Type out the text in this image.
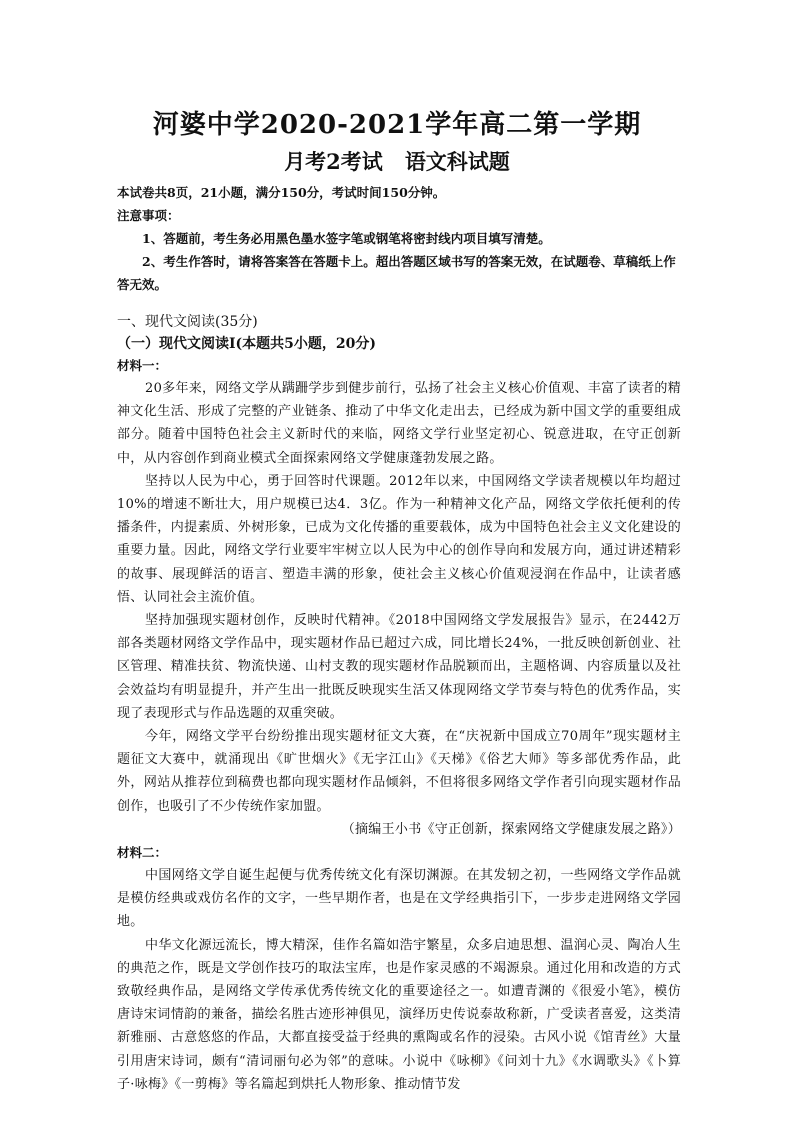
河婆中学2020-2021学年高二第一学期
月考2考试 语文科试题

本试卷共8页，21小题，满分150分，考试时间150分钟。

注意事项：

1、答题前，考生务必用黑色墨水签字笔或钢笔将密封线内项目填写清楚。

2、考生作答时，请将答案答在答题卡上。超出答题区域书写的答案无效，在试题卷、草稿纸上作答无效。

一、现代文阅读(35分)
（一）现代文阅读Ⅰ(本题共5小题，20分)
材料一：

20多年来，网络文学从蹒跚学步到健步前行，弘扬了社会主义核心价值观、丰富了读者的精神文化生活、形成了完整的产业链条、推动了中华文化走出去，已经成为新中国文学的重要组成部分。随着中国特色社会主义新时代的来临，网络文学行业坚定初心、锐意进取，在守正创新中，从内容创作到商业模式全面探索网络文学健康蓬勃发展之路。

坚持以人民为中心，勇于回答时代课题。2012年以来，中国网络文学读者规模以年均超过10%的增速不断壮大，用户规模已达4．3亿。作为一种精神文化产品，网络文学依托便利的传播条件，内提素质、外树形象，已成为文化传播的重要载体，成为中国特色社会主义文化建设的重要力量。因此，网络文学行业要牢牢树立以人民为中心的创作导向和发展方向，通过讲述精彩的故事、展现鲜活的语言、塑造丰满的形象，使社会主义核心价值观浸润在作品中，让读者感悟、认同社会主流价值。

坚持加强现实题材创作，反映时代精神。《2018中国网络文学发展报告》显示，在2442万部各类题材网络文学作品中，现实题材作品已超过六成，同比增长24%，一批反映创新创业、社区管理、精准扶贫、物流快递、山村支教的现实题材作品脱颖而出，主题格调、内容质量以及社会效益均有明显提升，并产生出一批既反映现实生活又体现网络文学节奏与特色的优秀作品，实现了表现形式与作品选题的双重突破。

今年，网络文学平台纷纷推出现实题材征文大赛，在“庆祝新中国成立70周年”现实题材主题征文大赛中，就涌现出《旷世烟火》《无字江山》《天梯》《俗艺大师》等多部优秀作品，此外，网站从推荐位到稿费也都向现实题材作品倾斜，不但将很多网络文学作者引向现实题材作品创作，也吸引了不少传统作家加盟。

（摘编王小书《守正创新，探索网络文学健康发展之路》）

材料二：

中国网络文学自诞生起便与优秀传统文化有深切渊源。在其发轫之初，一些网络文学作品就是模仿经典或戏仿名作的文字，一些早期作者，也是在文学经典指引下，一步步走进网络文学园地。

中华文化源远流长，博大精深，佳作名篇如浩宇繁星，众多启迪思想、温润心灵、陶冶人生的典范之作，既是文学创作技巧的取法宝库，也是作家灵感的不竭源泉。通过化用和改造的方式致敬经典作品，是网络文学传承优秀传统文化的重要途径之一。如遭青渊的《很爱小笔》，模仿唐诗宋词情韵的兼备，描绘名胜古迹形神俱见，演绎历史传说泰故称新，广受读者喜爱，这类清新雅丽、古意悠悠的作品，大都直接受益于经典的熏陶或名作的浸染。古风小说《馆青丝》大量引用唐宋诗词，颇有“清词丽句必为邻”的意味。小说中《咏柳》《问刘十九》《水调歌头》《卜算子·咏梅》《一剪梅》等名篇起到烘托人物形象、推动情节发
